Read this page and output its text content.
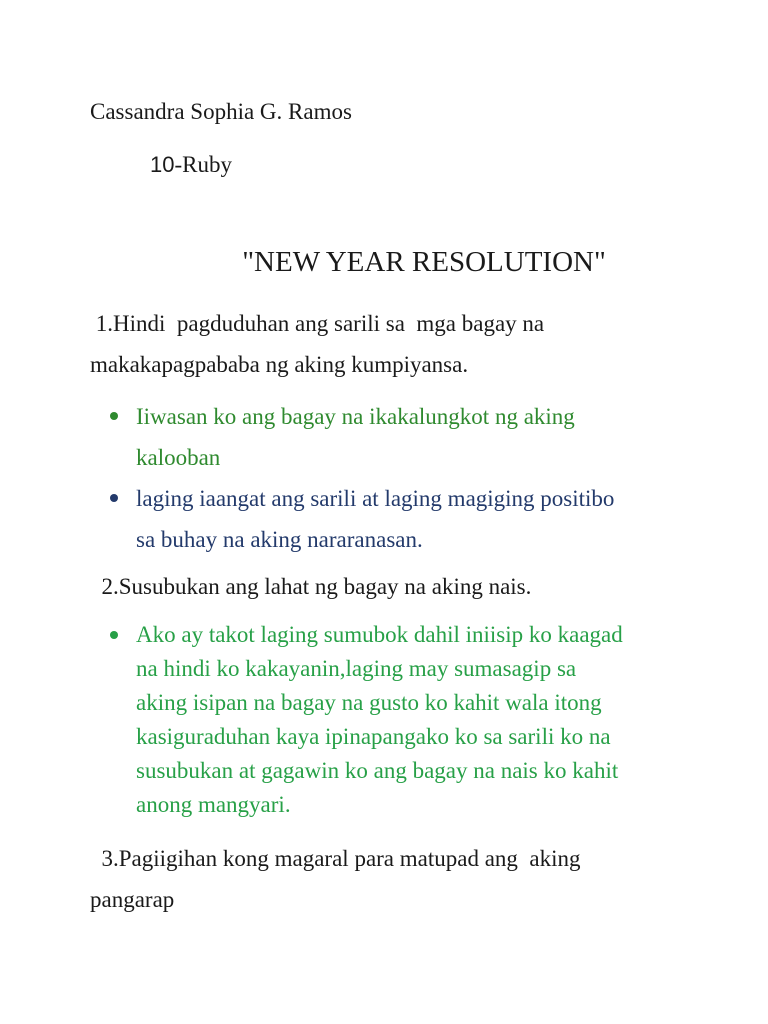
Cassandra Sophia G. Ramos
10-Ruby
"NEW YEAR RESOLUTION"
1.Hindi  pagduduhan ang sarili sa  mga bagay na
makakapagpababa ng aking kumpiyansa.
Iiwasan ko ang bagay na ikakalungkot ng aking
kalooban
laging iaangat ang sarili at laging magiging positibo
sa buhay na aking nararanasan.
2.Susubukan ang lahat ng bagay na aking nais.
Ako ay takot laging sumubok dahil iniisip ko kaagad
na hindi ko kakayanin,laging may sumasagip sa
aking isipan na bagay na gusto ko kahit wala itong
kasiguraduhan kaya ipinapangako ko sa sarili ko na
susubukan at gagawin ko ang bagay na nais ko kahit
anong mangyari.
3.Pagiigihan kong magaral para matupad ang  aking
pangarap
